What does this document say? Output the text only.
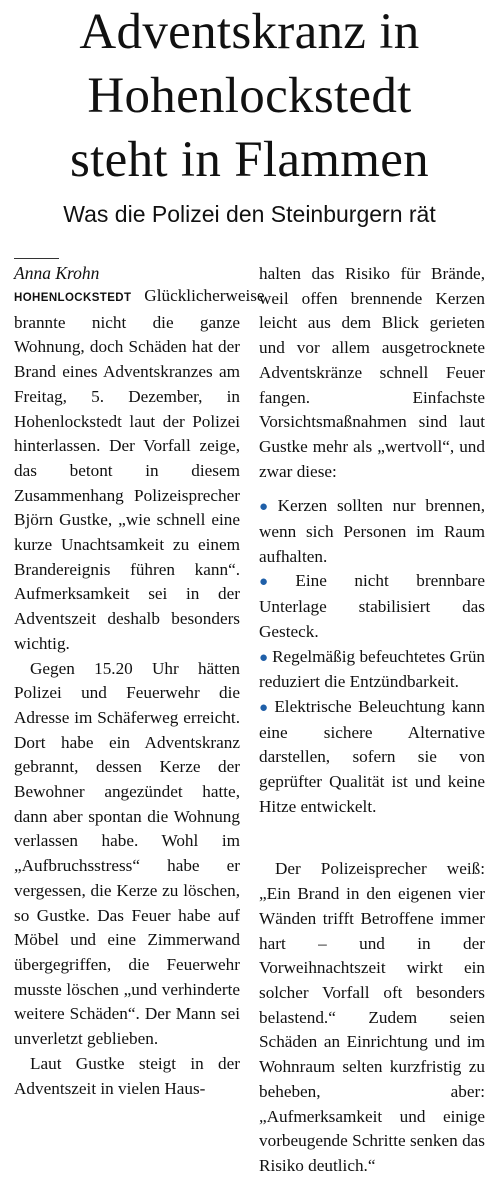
Adventskranz in
Hohenlockstedt
steht in Flammen

Was die Polizei den Steinburgern rät

Anna Krohn

HOHENLOCKSTEDT Glücklicherweise brannte nicht die ganze Wohnung, doch Schäden hat der Brand eines Adventskranzes am Freitag, 5. Dezember, in Hohenlockstedt laut der Polizei hinterlassen. Der Vorfall zeige, das betont in diesem Zusammenhang Polizeisprecher Björn Gustke, „wie schnell eine kurze Unachtsamkeit zu einem Brandereignis führen kann“. Aufmerksamkeit sei in der Adventszeit deshalb besonders wichtig.

Gegen 15.20 Uhr hätten Polizei und Feuerwehr die Adresse im Schäferweg erreicht. Dort habe ein Adventskranz gebrannt, dessen Kerze der Bewohner angezündet hatte, dann aber spontan die Wohnung verlassen habe. Wohl im „Aufbruchsstress“ habe er vergessen, die Kerze zu löschen, so Gustke. Das Feuer habe auf Möbel und eine Zimmerwand übergegriffen, die Feuerwehr musste löschen „und verhinderte weitere Schäden“. Der Mann sei unverletzt geblieben.

Laut Gustke steigt in der Adventszeit in vielen Haus-

halten das Risiko für Brände, weil offen brennende Kerzen leicht aus dem Blick gerieten und vor allem ausgetrocknete Adventskränze schnell Feuer fangen. Einfachste Vorsichtsmaßnahmen sind laut Gustke mehr als „wertvoll“, und zwar diese:

● Kerzen sollten nur brennen, wenn sich Personen im Raum aufhalten.

● Eine nicht brennbare Unterlage stabilisiert das Gesteck.

● Regelmäßig befeuchtetes Grün reduziert die Entzündbarkeit.

● Elektrische Beleuchtung kann eine sichere Alternative darstellen, sofern sie von geprüfter Qualität ist und keine Hitze entwickelt.

Der Polizeisprecher weiß: „Ein Brand in den eigenen vier Wänden trifft Betroffene immer hart – und in der Vorweihnachtszeit wirkt ein solcher Vorfall oft besonders belastend.“ Zudem seien Schäden an Einrichtung und im Wohnraum selten kurzfristig zu beheben, aber: „Aufmerksamkeit und einige vorbeugende Schritte senken das Risiko deutlich.“
